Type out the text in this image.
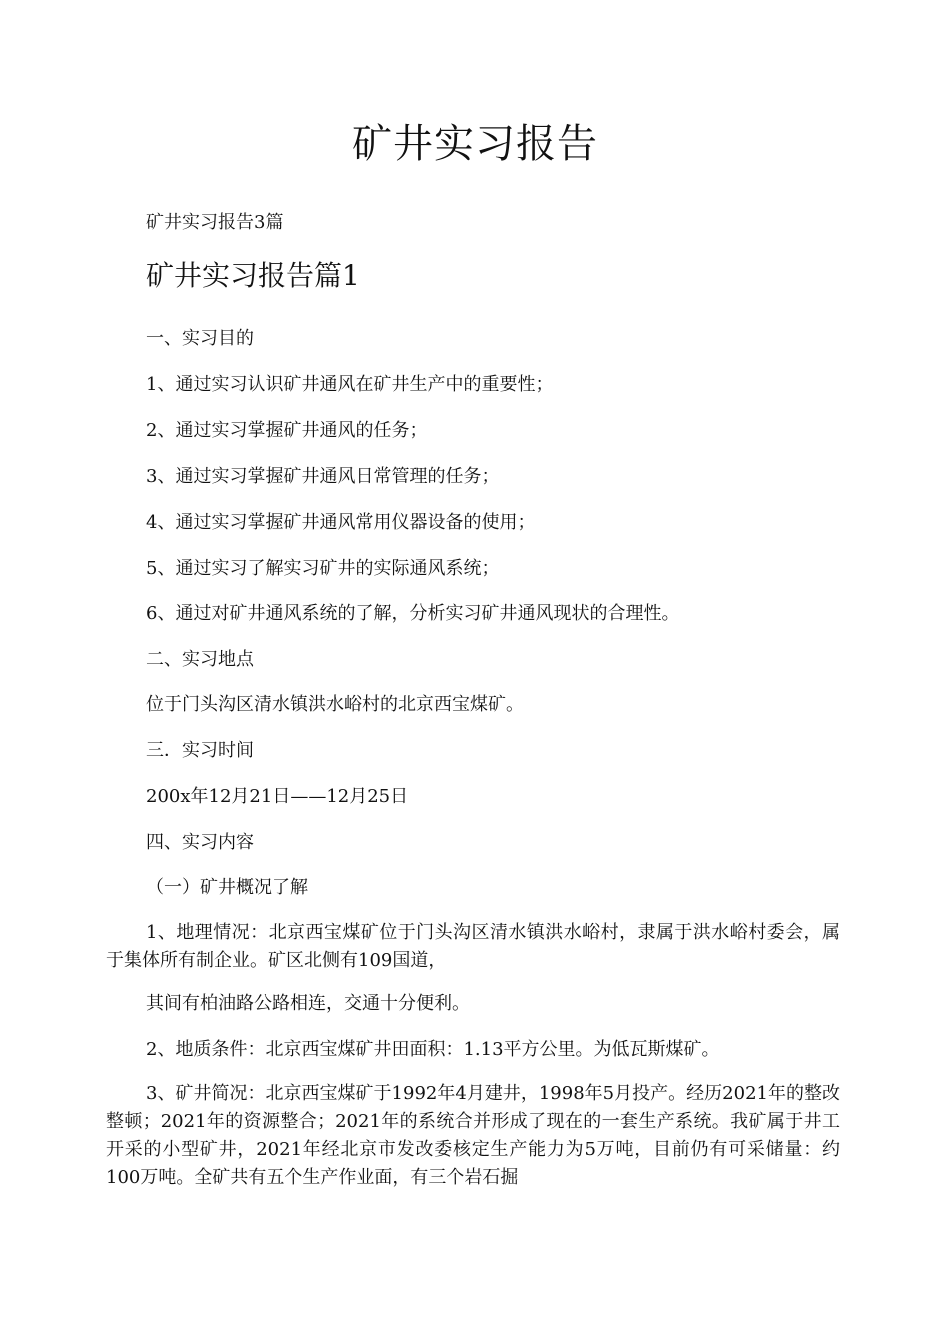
矿井实习报告
矿井实习报告3篇
矿井实习报告篇1
一、实习目的
1、通过实习认识矿井通风在矿井生产中的重要性；
2、通过实习掌握矿井通风的任务；
3、通过实习掌握矿井通风日常管理的任务；
4、通过实习掌握矿井通风常用仪器设备的使用；
5、通过实习了解实习矿井的实际通风系统；
6、通过对矿井通风系统的了解，分析实习矿井通风现状的合理性。
二、实习地点
位于门头沟区清水镇洪水峪村的北京西宝煤矿。
三．实习时间
200x年12月21日——12月25日
四、实习内容
（一）矿井概况了解
1、地理情况：北京西宝煤矿位于门头沟区清水镇洪水峪村，隶属于洪水峪村委会，属于集体所有制企业。矿区北侧有109国道，
其间有柏油路公路相连，交通十分便利。
2、地质条件：北京西宝煤矿井田面积：1.13平方公里。为低瓦斯煤矿。
3、矿井简况：北京西宝煤矿于1992年4月建井，1998年5月投产。经历2021年的整改整顿；2021年的资源整合；2021年的系统合并形成了现在的一套生产系统。我矿属于井工开采的小型矿井，2021年经北京市发改委核定生产能力为5万吨，目前仍有可采储量：约100万吨。全矿共有五个生产作业面，有三个岩石掘
